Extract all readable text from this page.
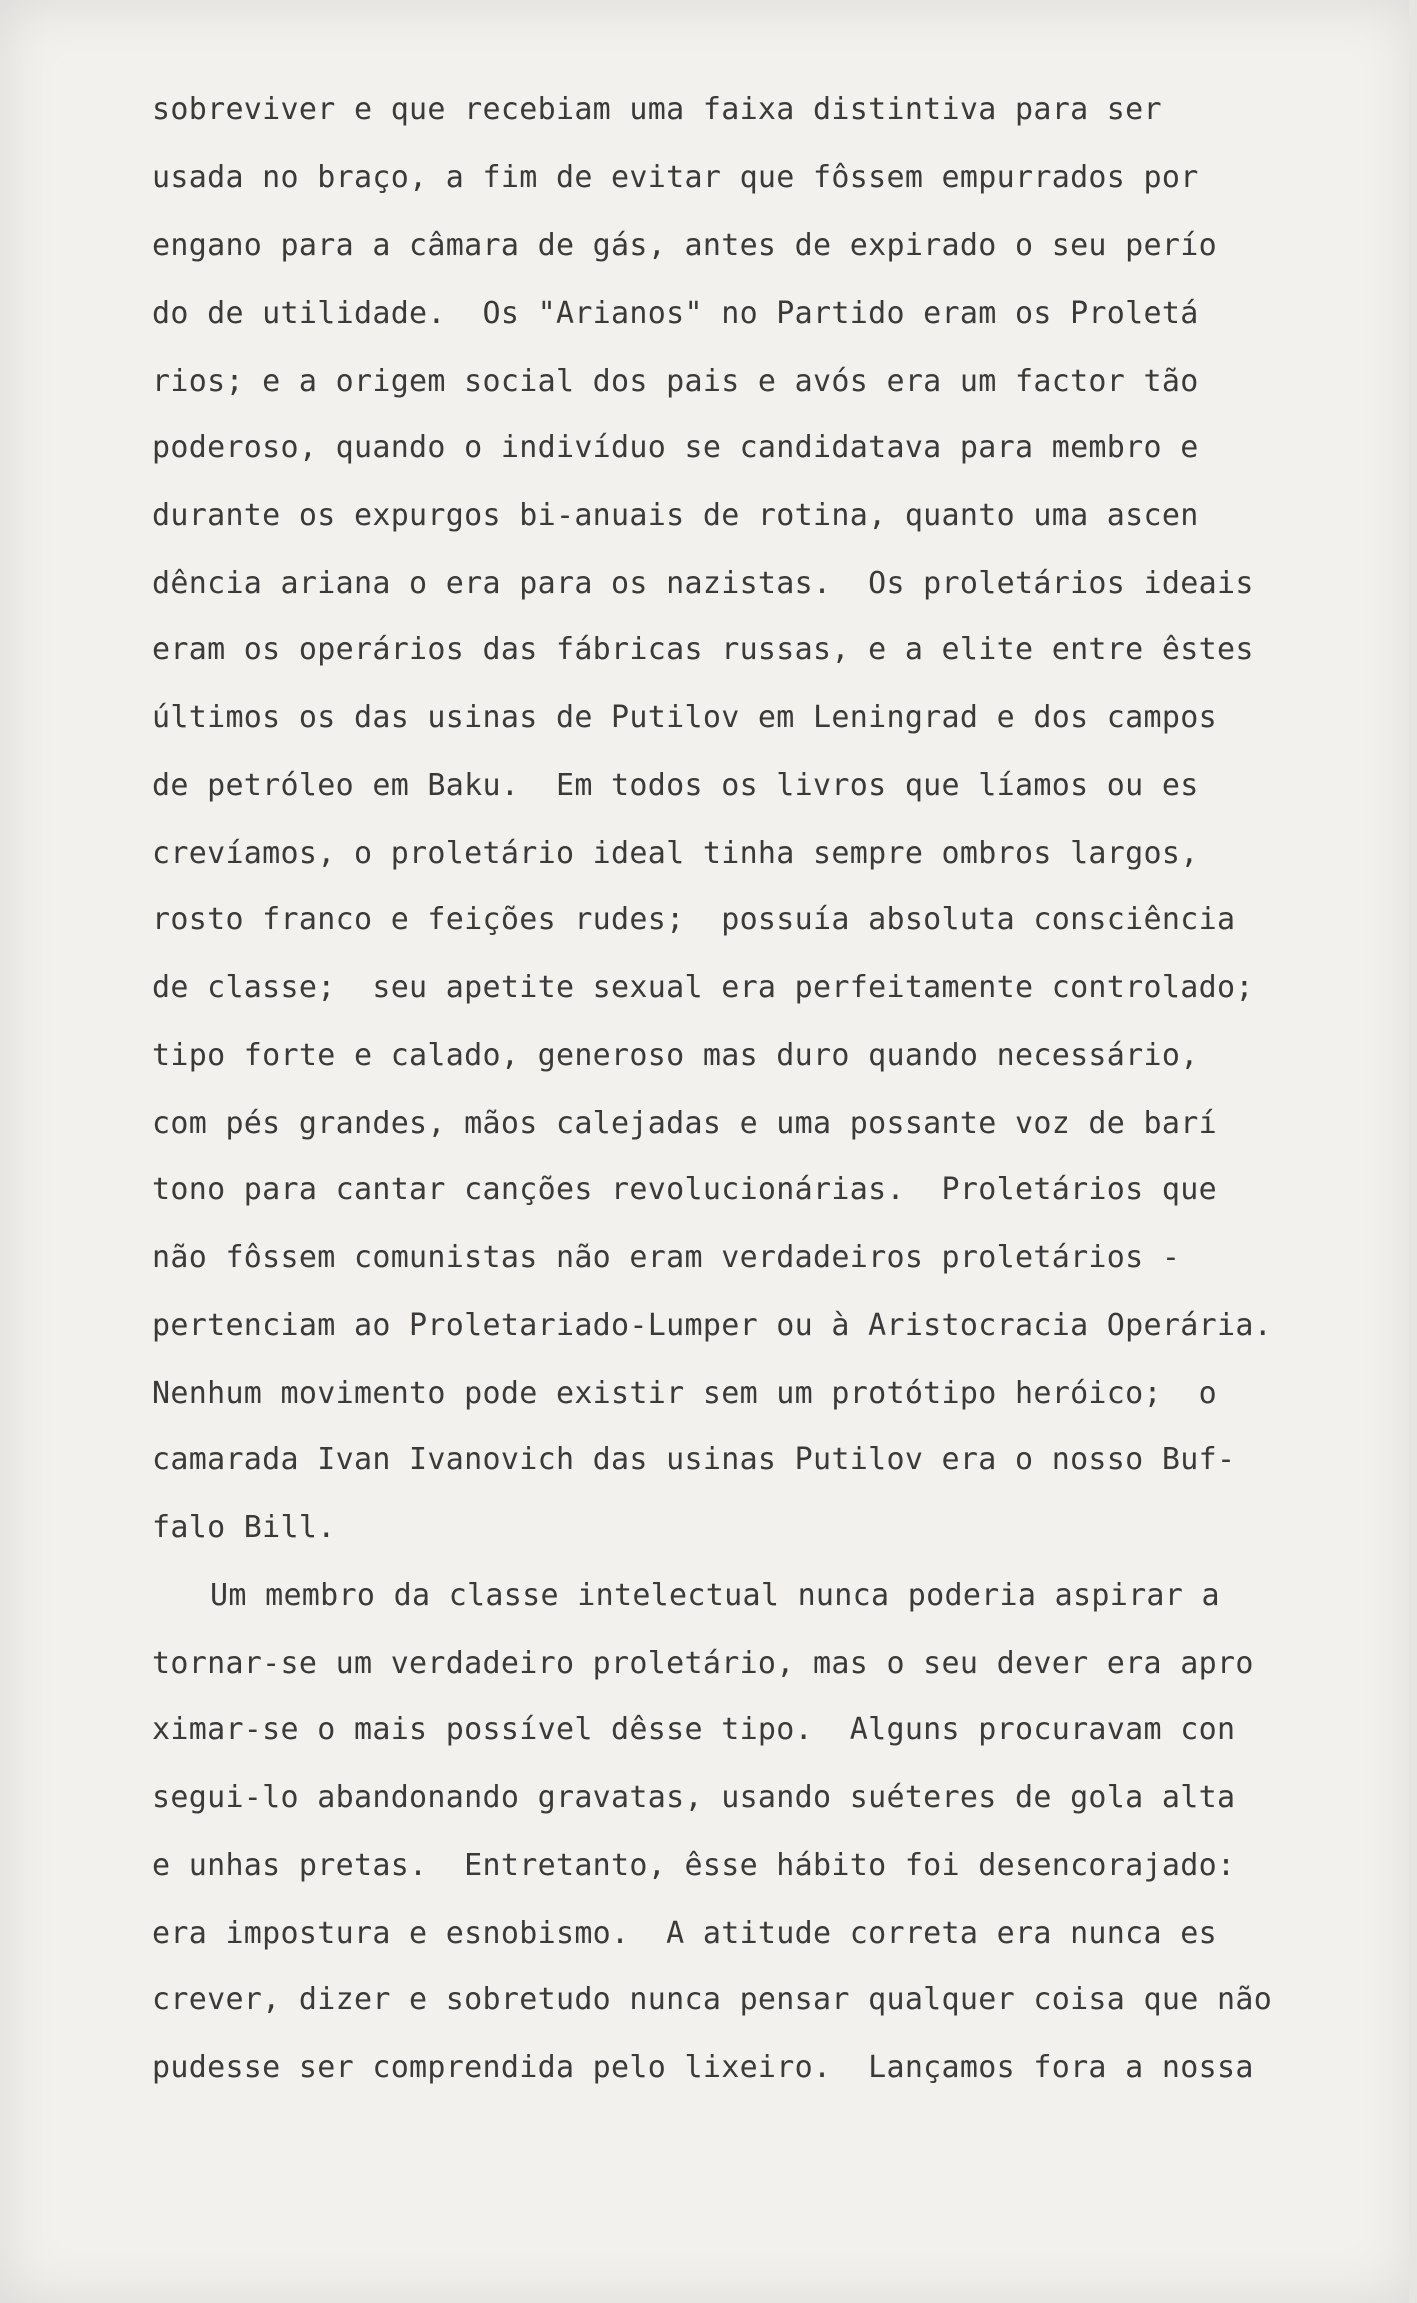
sobreviver e que recebiam uma faixa distintiva para ser

usada no braço, a fim de evitar que fôssem empurrados por

engano para a câmara de gás, antes de expirado o seu perío

do de utilidade.  Os "Arianos" no Partido eram os Proletá

rios; e a origem social dos pais e avós era um factor tão

poderoso, quando o indivíduo se candidatava para membro e

durante os expurgos bi-anuais de rotina, quanto uma ascen

dência ariana o era para os nazistas.  Os proletários ideais

eram os operários das fábricas russas, e a elite entre êstes

últimos os das usinas de Putilov em Leningrad e dos campos

de petróleo em Baku.  Em todos os livros que líamos ou es

crevíamos, o proletário ideal tinha sempre ombros largos,

rosto franco e feições rudes;  possuía absoluta consciência

de classe;  seu apetite sexual era perfeitamente controlado;

tipo forte e calado, generoso mas duro quando necessário,

com pés grandes, mãos calejadas e uma possante voz de barí

tono para cantar canções revolucionárias.  Proletários que

não fôssem comunistas não eram verdadeiros proletários -

pertenciam ao Proletariado-Lumper ou à Aristocracia Operária.

Nenhum movimento pode existir sem um protótipo heróico;  o

camarada Ivan Ivanovich das usinas Putilov era o nosso Buf-

falo Bill.

Um membro da classe intelectual nunca poderia aspirar a

tornar-se um verdadeiro proletário, mas o seu dever era apro

ximar-se o mais possível dêsse tipo.  Alguns procuravam con

segui-lo abandonando gravatas, usando suéteres de gola alta

e unhas pretas.  Entretanto, êsse hábito foi desencorajado:

era impostura e esnobismo.  A atitude correta era nunca es

crever, dizer e sobretudo nunca pensar qualquer coisa que não

pudesse ser comprendida pelo lixeiro.  Lançamos fora a nossa
